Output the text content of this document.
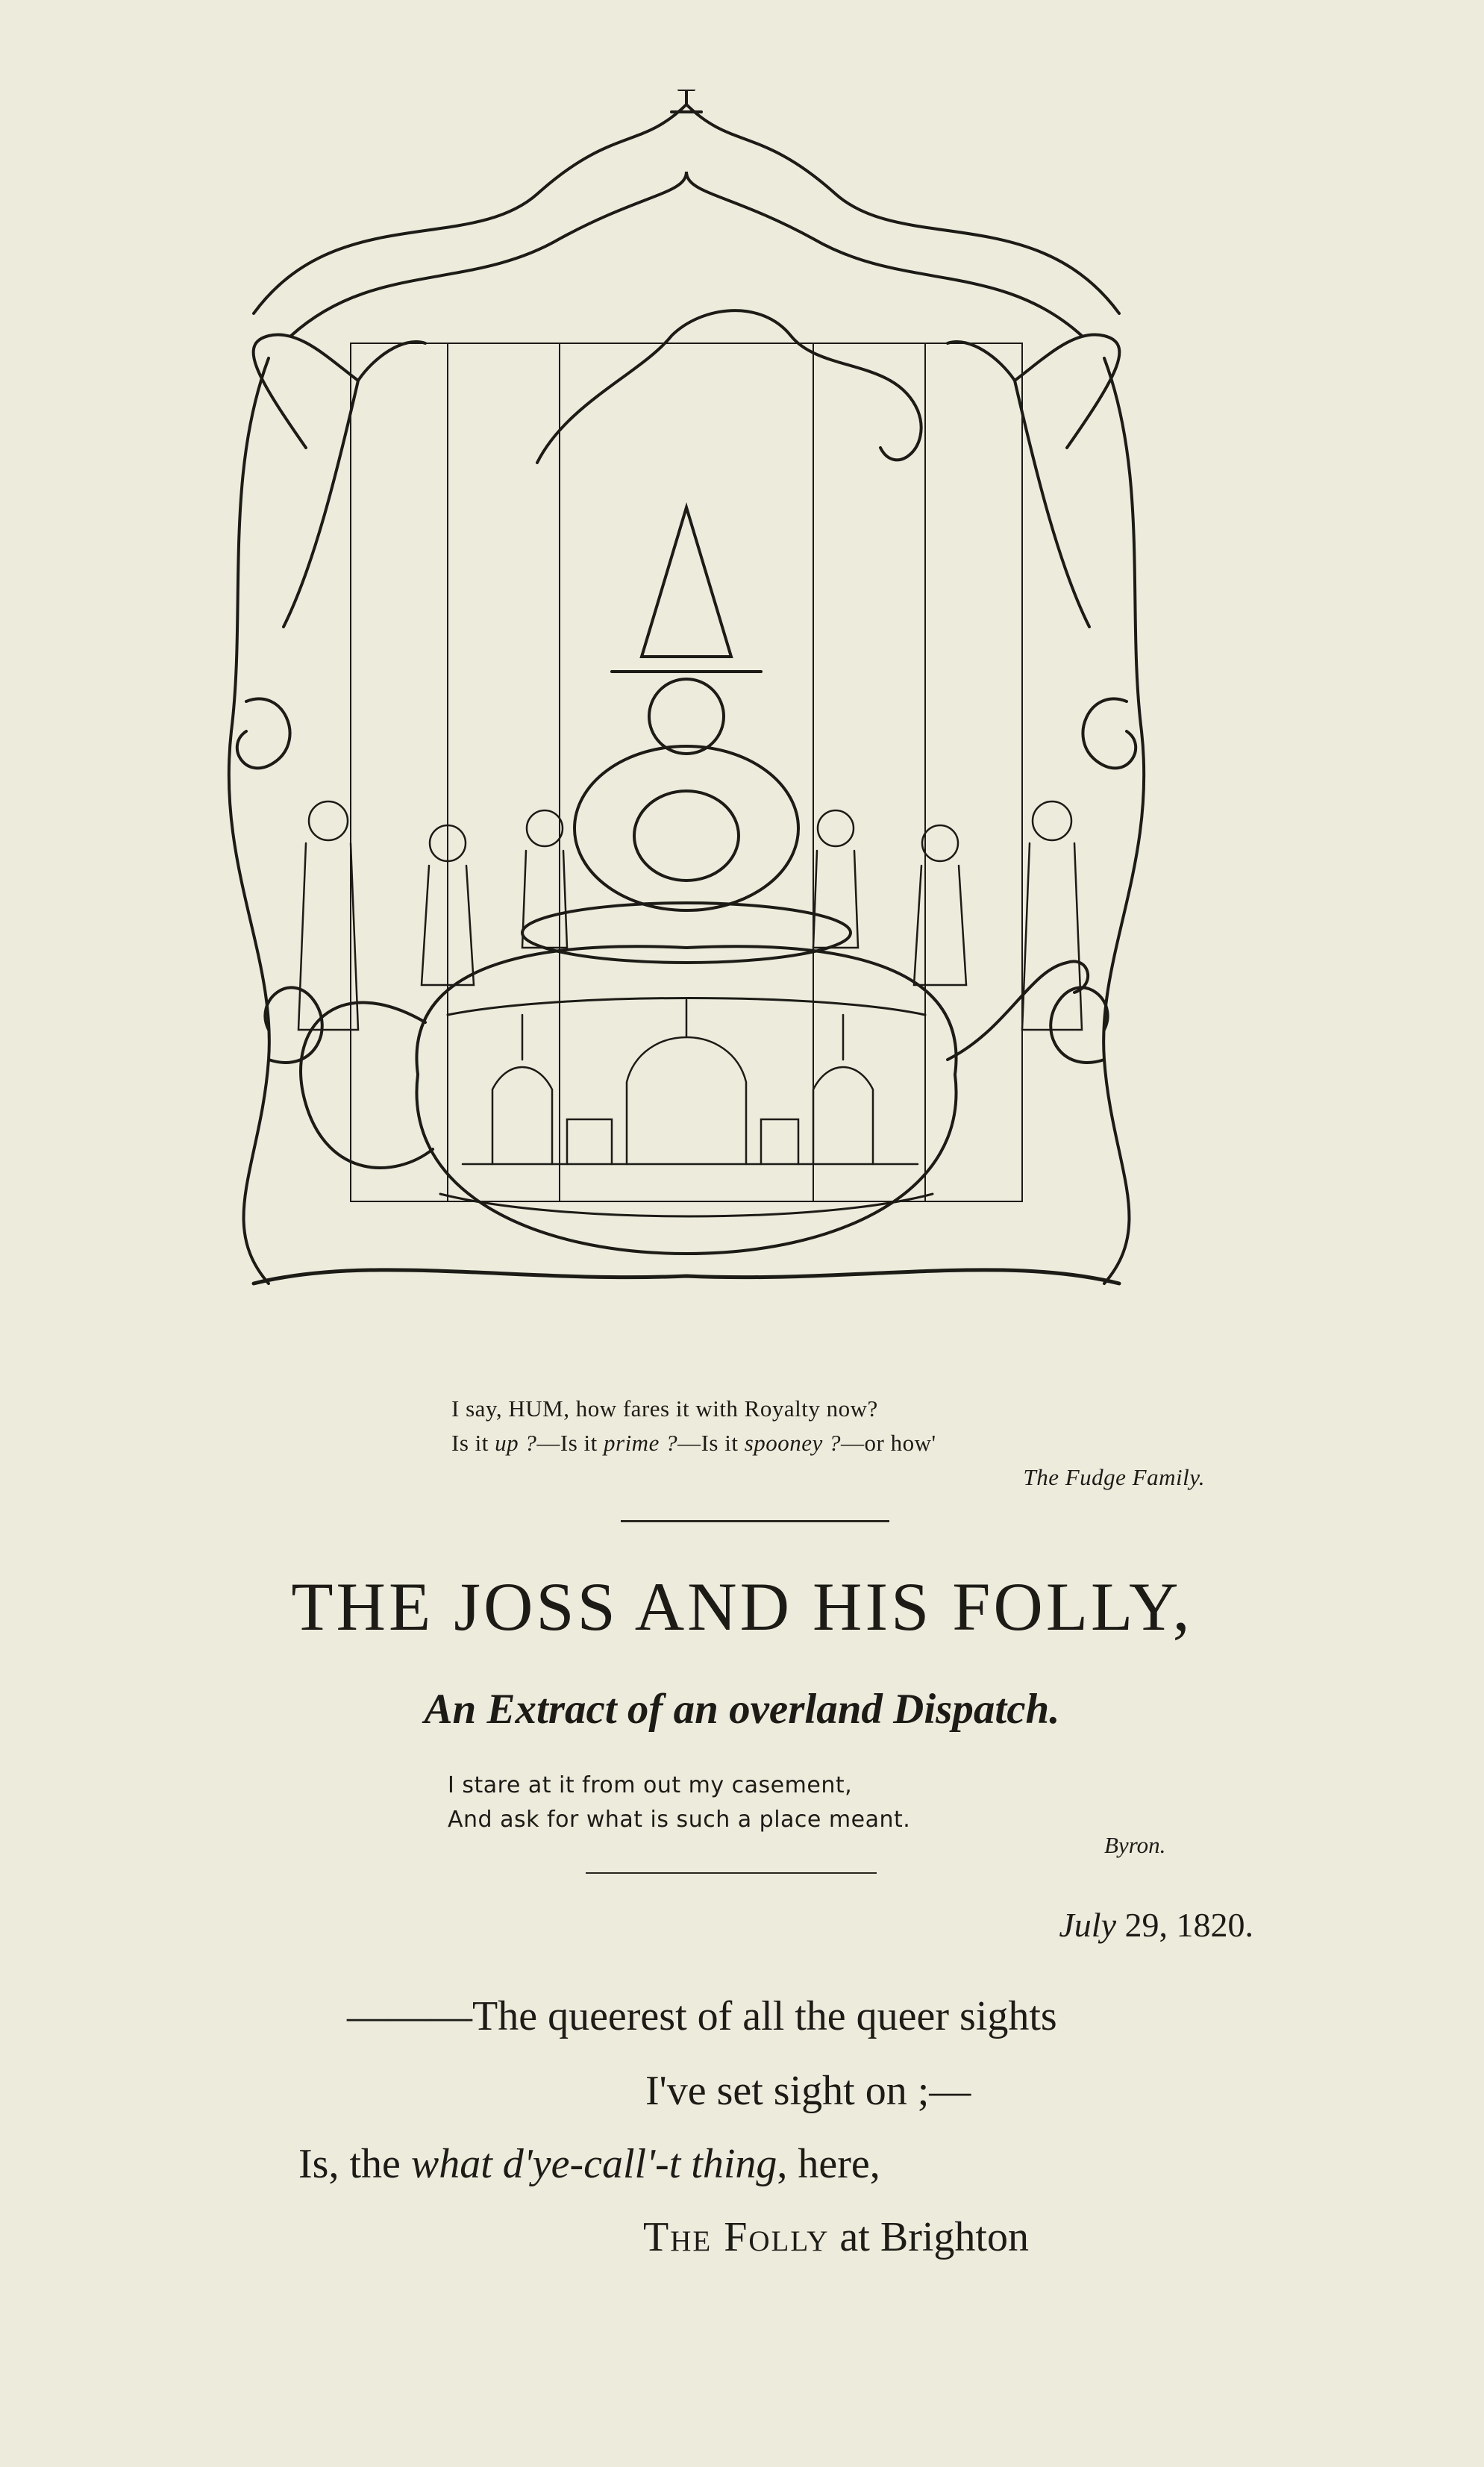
I say, HUM, how fares it with Royalty now?
Is it up ?—Is it prime ?—Is it spooney ?—or how'
The Fudge Family.
THE JOSS AND HIS FOLLY,
An Extract of an overland Dispatch.
I stare at it from out my casement,
And ask for what is such a place meant.
Byron.
July 29, 1820.
———The queerest of all the queer sights
I've set sight on ;—
Is, the what d'ye-call'-t thing, here,
The Folly at Brighton
